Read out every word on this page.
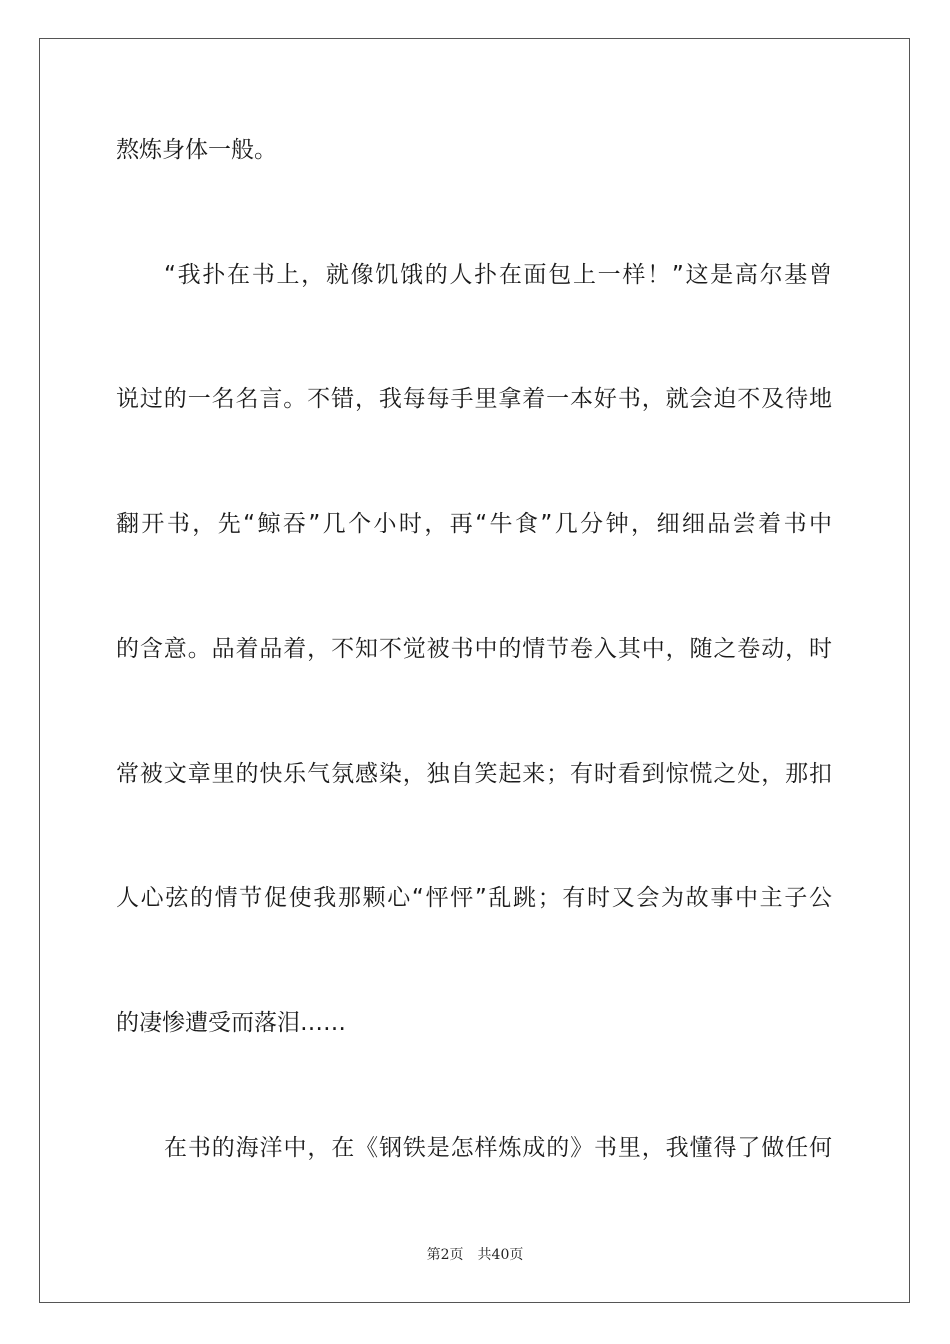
熬炼身体一般。
“我扑在书上，就像饥饿的人扑在面包上一样！”这是高尔基曾
说过的一名名言。不错，我每每手里拿着一本好书，就会迫不及待地
翻开书，先“鲸吞”几个小时，再“牛食”几分钟，细细品尝着书中
的含意。品着品着，不知不觉被书中的情节卷入其中，随之卷动，时
常被文章里的快乐气氛感染，独自笑起来；有时看到惊慌之处，那扣
人心弦的情节促使我那颗心“怦怦”乱跳；有时又会为故事中主子公
的凄惨遭受而落泪……
在书的海洋中，在《钢铁是怎样炼成的》书里，我懂得了做任何
第2页 共40页
